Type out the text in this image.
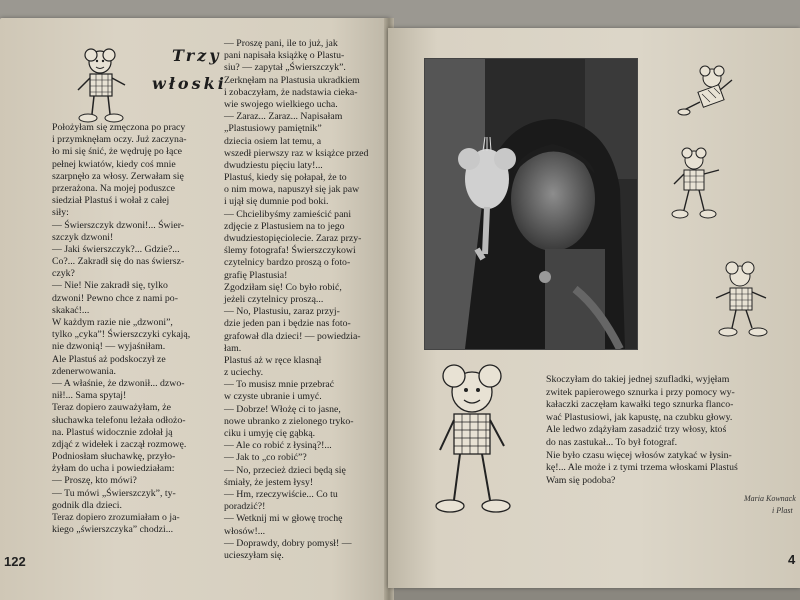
Trzy
włoski
Położyłam się zmęczona po pracy
i przymknęłam oczy. Już zaczyna-
ło mi się śnić, że wędruję po łące
pełnej kwiatów, kiedy coś mnie
szarpnęło za włosy. Zerwałam się
przerażona. Na mojej poduszce
siedział Plastuś i wołał z całej
siły:
— Świerszczyk dzwoni!... Świer-
szczyk dzwoni!
— Jaki świerszczyk?... Gdzie?...
Co?... Zakradł się do nas świersz-
czyk?
— Nie! Nie zakradł się, tylko
dzwoni! Pewno chce z nami po-
skakać!...
W każdym razie nie „dzwoni”,
tylko „cyka”! Świerszczyki cykają,
nie dzwonią! — wyjaśniłam.
Ale Plastuś aż podskoczył ze
zdenerwowania.
— A właśnie, że dzwonił... dzwo-
nił!... Sama spytaj!
Teraz dopiero zauważyłam, że
słuchawka telefonu leżała odłożo-
na. Plastuś widocznie zdołał ją
zdjąć z widełek i zaczął rozmowę.
Podniosłam słuchawkę, przyło-
żyłam do ucha i powiedziałam:
— Proszę, kto mówi?
— Tu mówi „Świerszczyk”, ty-
godnik dla dzieci.
Teraz dopiero zrozumiałam o ja-
kiego „świerszczyka” chodzi...
— Proszę pani, ile to już, jak
pani napisała książkę o Plastu-
siu? — zapytał „Świerszczyk”.
Zerknęłam na Plastusia ukradkiem
i zobaczyłam, że nadstawia cieka-
wie swojego wielkiego ucha.
— Zaraz... Zaraz... Napisałam
„Plastusiowy pamiętnik”
dziecia osiem lat temu, a
wszedł pierwszy raz w książce przed
dwudziestu pięciu laty!...
Plastuś, kiedy się połapał, że to
o nim mowa, napuszył się jak paw
i ujął się dumnie pod boki.
— Chcielibyśmy zamieścić pani
zdjęcie z Plastusiem na to jego
dwudziestopięciolecie. Zaraz przy-
ślemy fotografa! Świerszczykowi
czytelnicy bardzo proszą o foto-
grafię Plastusia!
Zgodziłam się! Co było robić,
jeżeli czytelnicy proszą...
— No, Plastusiu, zaraz przyj-
dzie jeden pan i będzie nas foto-
grafował dla dzieci! — powiedzia-
łam.
Plastuś aż w ręce klasnął
z uciechy.
— To musisz mnie przebrać
w czyste ubranie i umyć.
— Dobrze! Włożę ci to jasne,
nowe ubranko z zielonego tryko-
ciku i umyję cię gąbką.
— Ale co robić z łysiną?!...
— Jak to „co robić”?
— No, przecież dzieci będą się
śmiały, że jestem łysy!
— Hm, rzeczywiście... Co tu
poradzić?!
— Wetknij mi w głowę trochę
włosów!...
— Doprawdy, dobry pomysł! —
ucieszyłam się.
122
Skoczyłam do takiej jednej szufladki, wyjęłam
zwitek papierowego sznurka i przy pomocy wy-
kałaczki zaczęłam kawałki tego sznurka flanco-
wać Plastusiowi, jak kapustę, na czubku głowy.
Ale ledwo zdążyłam zasadzić trzy włosy, ktoś
do nas zastukał... To był fotograf.
Nie było czasu więcej włosów zatykać w łysin-
kę!... Ale może i z tymi trzema włoskami Plastuś
Wam się podoba?
Maria Kownack
i Plast
4
